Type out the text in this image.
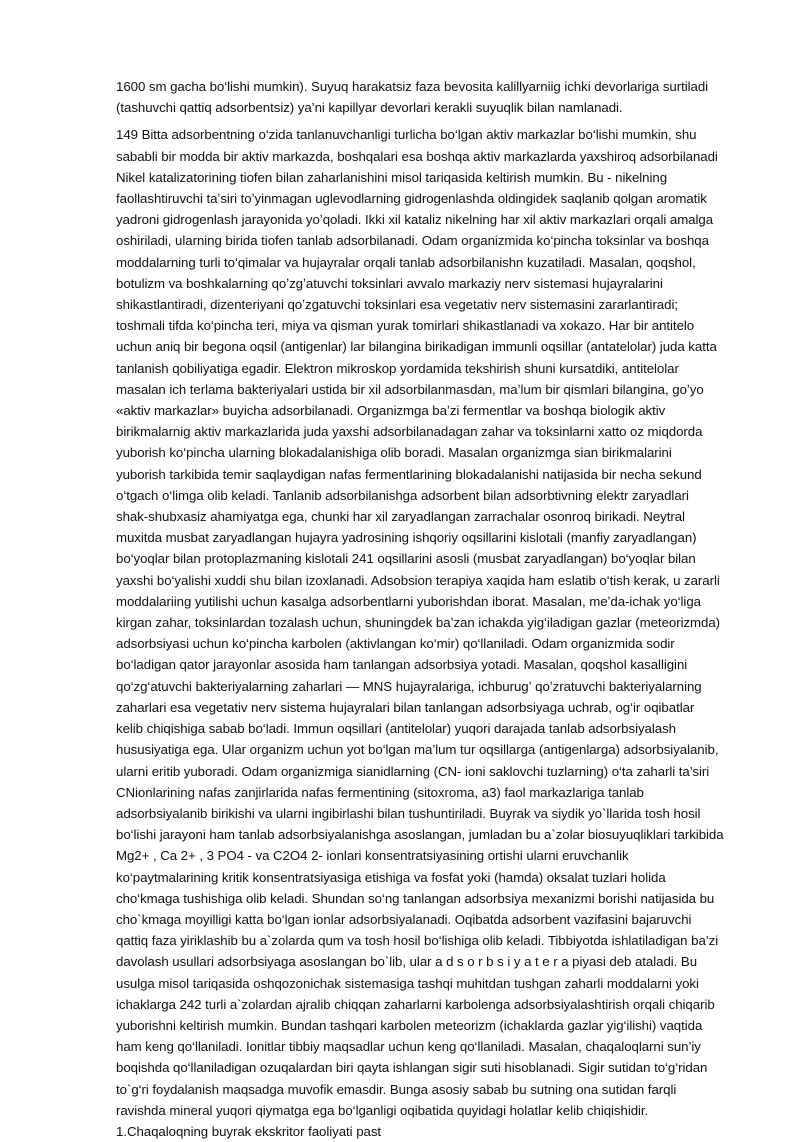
1600 sm gacha bo‘lishi mumkin). Suyuq harakatsiz faza bevosita kalillyarniig ichki devorlariga surtiladi (tashuvchi qattiq adsorbentsiz) ya’ni kapillyar devorlari kerakli suyuqlik bilan namlanadi.

149 Bitta adsorbentning o‘zida tanlanuvchanligi turlicha bo‘lgan aktiv markazlar bo‘lishi mumkin, shu sababli bir modda bir aktiv markazda, boshqalari esa boshqa aktiv markazlarda yaxshiroq adsorbilanadi Nikel katalizatorining tiofen bilan zaharlanishini misol tariqasida keltirish mumkin. Bu - nikelning faollashtiruvchi taʼsiri toʼyinmagan uglevodlarning gidrogenlashda oldingidek saqlanib qolgan aromatik yadroni gidrogenlash jarayonida yoʼqoladi. Ikki xil kataliz nikelning har xil aktiv markazlari orqali amalga oshiriladi, ularning birida tiofen tanlab adsorbilanadi. Odam organizmida ko‘pincha toksinlar va boshqa moddalarning turli to‘qimalar va hujayralar orqali tanlab adsorbilanishn kuzatiladi. Masalan, qoqshol, botulizm va boshkalarning qoʼzgʼatuvchi toksinlari avvalo markaziy nerv sistemasi hujayralarini shikastlantiradi, dizenteriyani qoʼzgatuvchi toksinlari esa vegetativ nerv sistemasini zararlantiradi; toshmali tifda ko‘pincha teri, miya va qisman yurak tomirlari shikastlanadi va xokazo. Har bir antitelo uchun aniq bir begona oqsil (antigenlar) lar bilangina birikadigan immunli oqsillar (antatelolar) juda katta tanlanish qobiliyatiga egadir. Elektron mikroskop yordamida tekshirish shuni kursatdiki, antitelolar masalan ich terlama bakteriyalari ustida bir xil adsorbilanmasdan, maʼlum bir qismlari bilangina, goʼyo «aktiv markazlar» buyicha adsorbilanadi. Organizmga baʼzi fermentlar va boshqa biologik aktiv birikmalarnig aktiv markazlarida juda yaxshi adsorbilanadagan zahar va toksinlarni xatto oz miqdorda yuborish ko‘pincha ularning blokadalanishiga olib boradi. Masalan organizmga sian birikmalarini yuborish tarkibida temir saqlaydigan nafas fermentlarining blokadalanishi natijasida bir necha sekund o‘tgach o‘limga olib keladi. Tanlanib adsorbilanishga adsorbent bilan adsorbtivning elektr zaryadlari shak-shubxasiz ahamiyatga ega, chunki har xil zaryadlangan zarrachalar osonroq birikadi. Neytral muxitda musbat zaryadlangan hujayra yadrosining ishqoriy oqsillarini kislotali (manfiy zaryadlangan) bo‘yoqlar bilan protoplazmaning kislotali 241 oqsillarini asosli (musbat zaryadlangan) bo‘yoqlar bilan yaxshi bo‘yalishi xuddi shu bilan izoxlanadi. Adsobsion terapiya xaqida ham eslatib o‘tish kerak, u zararli moddalariing yutilishi uchun kasalga adsorbentlarni yuborishdan iborat. Masalan, meʼda-ichak yo‘liga kirgan zahar, toksinlardan tozalash uchun, shuningdek baʼzan ichakda yig‘iladigan gazlar (meteorizmda) adsorbsiyasi uchun ko‘pincha karbolen (aktivlangan ko‘mir) qo‘llaniladi. Odam organizmida sodir bo‘ladigan qator jarayonlar asosida ham tanlangan adsorbsiya yotadi. Masalan, qoqshol kasalligini qo‘zg‘atuvchi bakteriyalarning zaharlari — MNS hujayralariga, ichburugʼ qoʼzratuvchi bakteriyalarning zaharlari esa vegetativ nerv sistema hujayralari bilan tanlangan adsorbsiyaga uchrab, og‘ir oqibatlar kelib chiqishiga sabab bo‘ladi. Immun oqsillari (antitelolar) yuqori darajada tanlab adsorbsiyalash hususiyatiga ega. Ular organizm uchun yot bo‘lgan ma’lum tur oqsillarga (antigenlarga) adsorbsiyalanib, ularni eritib yuboradi. Odam organizmiga sianidlarning (CN- ioni saklovchi tuzlarning) o‘ta zaharli ta’siri CNionlarining nafas zanjirlarida nafas fermentining (sitoxroma, a3) faol markazlariga tanlab adsorbsiyalanib birikishi va ularni ingibirlashi bilan tushuntiriladi. Buyrak va siydik yo`llarida tosh hosil bo‘lishi jarayoni ham tanlab adsorbsiyalanishga asoslangan, jumladan bu a`zolar biosuyuqliklari tarkibida Mg2+ , Ca 2+ , 3 PO4 - va C2O4 2- ionlari konsentratsiyasining ortishi ularni eruvchanlik ko‘paytmalarining kritik konsentratsiyasiga etishiga va fosfat yoki (hamda) oksalat tuzlari holida cho‘kmaga tushishiga olib keladi. Shundan so‘ng tanlangan adsorbsiya mexanizmi borishi natijasida bu cho`kmaga moyilligi katta bo‘lgan ionlar adsorbsiyalanadi. Oqibatda adsorbent vazifasini bajaruvchi qattiq faza yiriklashib bu a`zolarda qum va tosh hosil bo‘lishiga olib keladi. Tibbiyotda ishlatiladigan ba’zi davolash usullari adsorbsiyaga asoslangan bo`lib, ular a d s o r b s i y a t e r a piyasi deb ataladi. Bu usulga misol tariqasida oshqozonichak sistemasiga tashqi muhitdan tushgan zaharli moddalarni yoki ichaklarga 242 turli a`zolardan ajralib chiqqan zaharlarni karbolenga adsorbsiyalashtirish orqali chiqarib yuborishni keltirish mumkin. Bundan tashqari karbolen meteorizm (ichaklarda gazlar yig‘ilishi) vaqtida ham keng qo‘llaniladi. Ionitlar tibbiy maqsadlar uchun keng qo‘llaniladi. Masalan, chaqaloqlarni sun’iy boqishda qo‘llaniladigan ozuqalardan biri qayta ishlangan sigir suti hisoblanadi. Sigir sutidan to‘g‘ridan to`g‘ri foydalanish maqsadga muvofik emasdir. Bunga asosiy sabab bu sutning ona sutidan farqli ravishda mineral yuqori qiymatga ega bo‘lganligi oqibatida quyidagi holatlar kelib chiqishidir. 1.Chaqaloqning buyrak ekskritor faoliyati past
